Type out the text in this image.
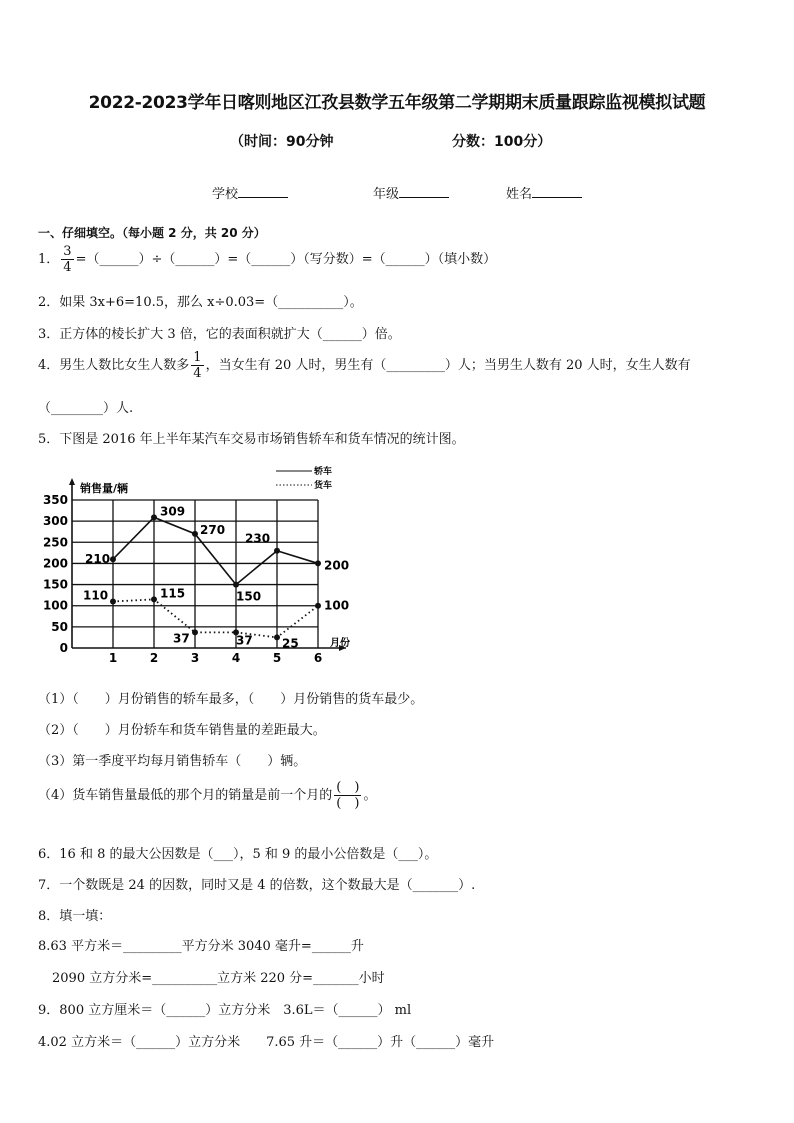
2022-2023学年日喀则地区江孜县数学五年级第二学期期末质量跟踪监视模拟试题
（时间：90分钟	分数：100分）
学校	年级	姓名
一、仔细填空。（每小题 2 分，共 20 分）
1． $\frac{3}{4}$ =（______）÷（______）=（______）（写分数）=（______）（填小数）
2．如果 3x+6=10.5，那么 x÷0.03=（__________）。
3．正方体的棱长扩大 3 倍，它的表面积就扩大（______）倍。
4．男生人数比女生人数多 $\frac{1}{4}$ ，当女生有 20 人时，男生有（_________）人；当男生人数有 20 人时，女生人数有
（________）人.
5．下图是 2016 年上半年某汽车交易市场销售轿车和货车情况的统计图。
0
50
100
150
200
250
300
350
1	2	3	4	5	6
销售量/辆
月份
轿车
货车
210
309
270
150
230
200
110	115
37	37 25
100
（1）（　　）月份销售的轿车最多，（　　）月份销售的货车最少。
（2）（　　）月份轿车和货车销售量的差距最大。
（3）第一季度平均每月销售轿车（　　）辆。
（4）货车销售量最低的那个月的销量是前一个月的 $\frac{( )}{( )}$ 。
6．16 和 8 的最大公因数是（___），5 和 9 的最小公倍数是（___）。
7．一个数既是 24 的因数，同时又是 4 的倍数，这个数最大是（_______）.
8．填一填：
8.63 平方米＝_________平方分米 3040 毫升=______升
2090 立方分米=__________立方米 220 分=_______小时
9．800 立方厘米＝（______）立方分米　3.6L＝（______） ml
4.02 立方米＝（______）立方分米　　7.65 升＝（______）升（______）毫升
